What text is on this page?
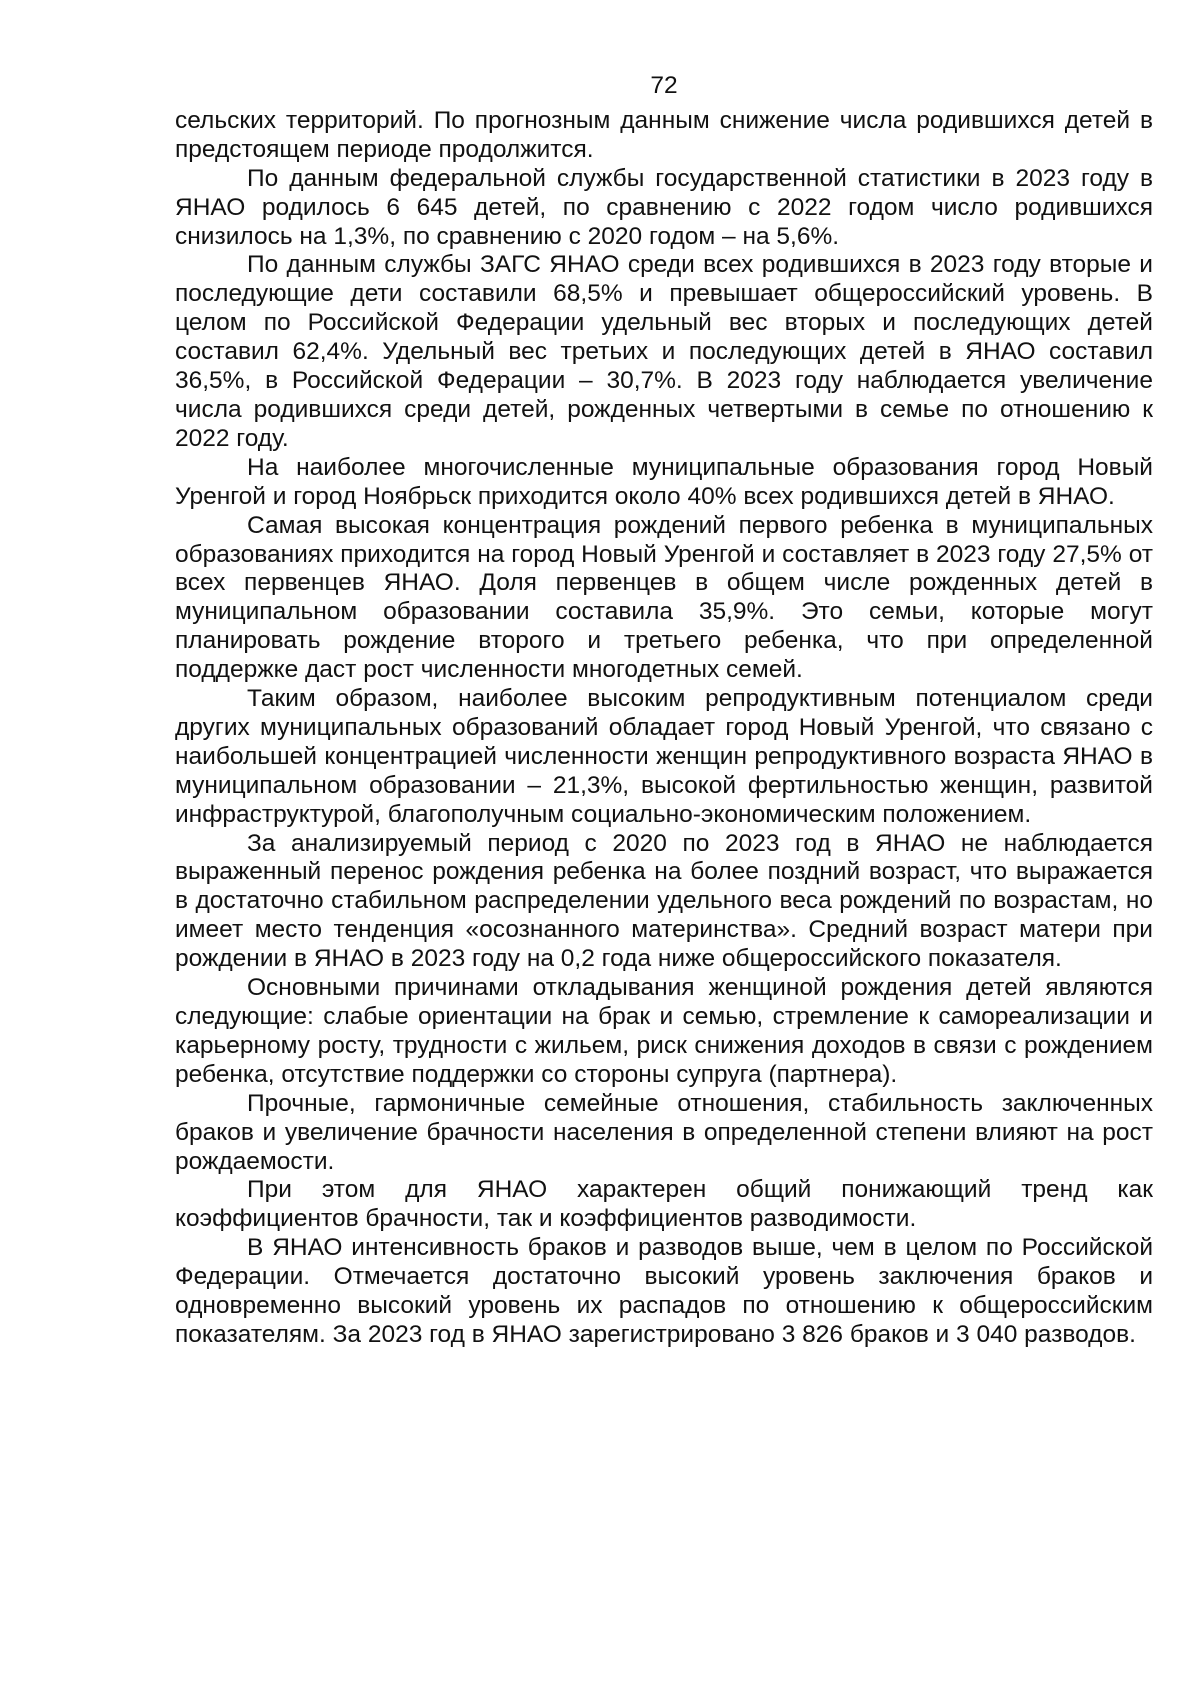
72

сельских территорий. По прогнозным данным снижение числа родившихся детей в предстоящем периоде продолжится.

По данным федеральной службы государственной статистики в 2023 году в ЯНАО родилось 6 645 детей, по сравнению с 2022 годом число родившихся снизилось на 1,3%, по сравнению с 2020 годом – на 5,6%.

По данным службы ЗАГС ЯНАО среди всех родившихся в 2023 году вторые и последующие дети составили 68,5% и превышает общероссийский уровень. В целом по Российской Федерации удельный вес вторых и последующих детей составил 62,4%. Удельный вес третьих и последующих детей в ЯНАО составил 36,5%, в Российской Федерации – 30,7%. В 2023 году наблюдается увеличение числа родившихся среди детей, рожденных четвертыми в семье по отношению к 2022 году.

На наиболее многочисленные муниципальные образования город Новый Уренгой и город Ноябрьск приходится около 40% всех родившихся детей в ЯНАО.

Самая высокая концентрация рождений первого ребенка в муниципальных образованиях приходится на город Новый Уренгой и составляет в 2023 году 27,5% от всех первенцев ЯНАО. Доля первенцев в общем числе рожденных детей в муниципальном образовании составила 35,9%. Это семьи, которые могут планировать рождение второго и третьего ребенка, что при определенной поддержке даст рост численности многодетных семей.

Таким образом, наиболее высоким репродуктивным потенциалом среди других муниципальных образований обладает город Новый Уренгой, что связано с наибольшей концентрацией численности женщин репродуктивного возраста ЯНАО в муниципальном образовании – 21,3%, высокой фертильностью женщин, развитой инфраструктурой, благополучным социально-экономическим положением.

За анализируемый период с 2020 по 2023 год в ЯНАО не наблюдается выраженный перенос рождения ребенка на более поздний возраст, что выражается в достаточно стабильном распределении удельного веса рождений по возрастам, но имеет место тенденция «осознанного материнства». Средний возраст матери при рождении в ЯНАО в 2023 году на 0,2 года ниже общероссийского показателя.

Основными причинами откладывания женщиной рождения детей являются следующие: слабые ориентации на брак и семью, стремление к самореализации и карьерному росту, трудности с жильем, риск снижения доходов в связи с рождением ребенка, отсутствие поддержки со стороны супруга (партнера).

Прочные, гармоничные семейные отношения, стабильность заключенных браков и увеличение брачности населения в определенной степени влияют на рост рождаемости.

При этом для ЯНАО характерен общий понижающий тренд как коэффициентов брачности, так и коэффициентов разводимости.

В ЯНАО интенсивность браков и разводов выше, чем в целом по Российской Федерации. Отмечается достаточно высокий уровень заключения браков и одновременно высокий уровень их распадов по отношению к общероссийским показателям. За 2023 год в ЯНАО зарегистрировано 3 826 браков и 3 040 разводов.
